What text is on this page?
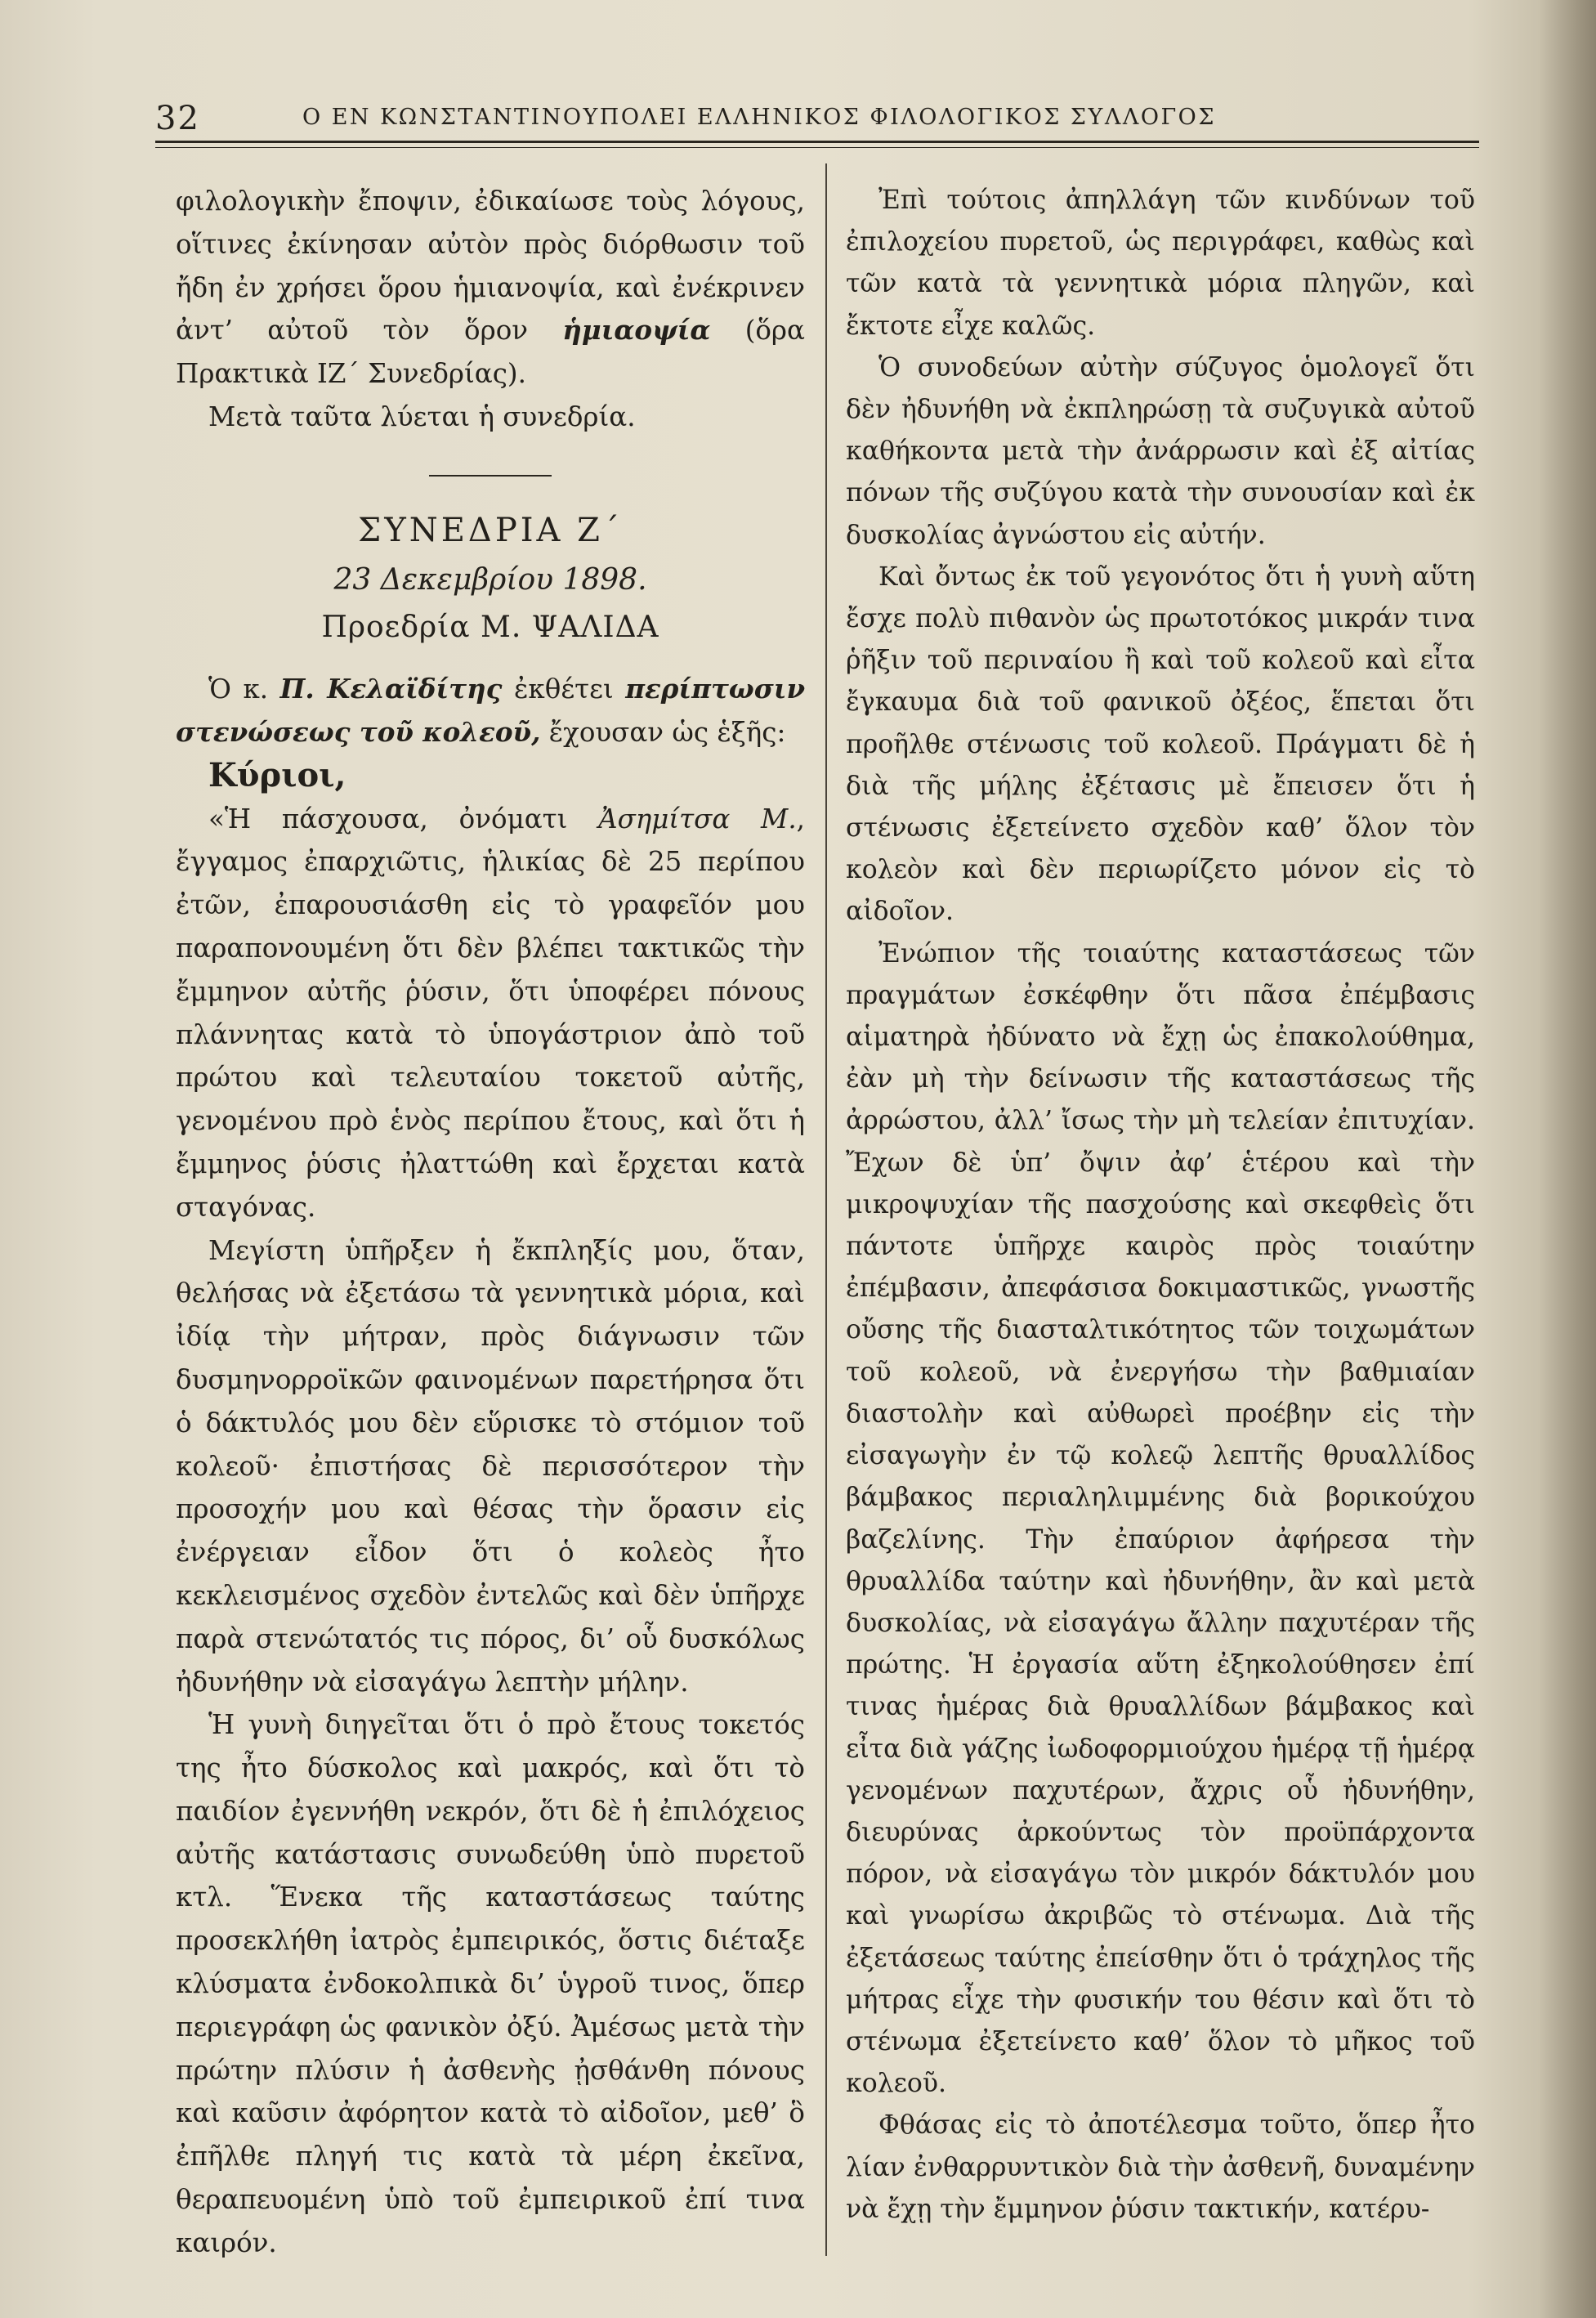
32	Ο ΕΝ ΚΩΝΣΤΑΝΤΙΝΟΥΠΟΛΕΙ ΕΛΛΗΝΙΚΟΣ ΦΙΛΟΛΟΓΙΚΟΣ ΣΥΛΛΟΓΟΣ

φιλολογικὴν ἔποψιν, ἐδικαίωσε τοὺς λόγους, οἵτινες ἐκίνησαν αὐτὸν πρὸς διόρθωσιν τοῦ ἤδη ἐν χρήσει ὅρου ἡμιανοψία, καὶ ἐνέκρινεν ἀντ’ αὐτοῦ τὸν ὅρον ἡμιαοψία (ὅρα Πρακτικὰ ΙΖ΄ Συνεδρίας).

Μετὰ ταῦτα λύεται ἡ συνεδρία.

ΣΥΝΕΔΡΙΑ Ζ΄
23 Δεκεμβρίου 1898.
Προεδρία Μ. ΨΑΛΙΔΑ

Ὁ κ. Π. Κελαϊδίτης ἐκθέτει περίπτωσιν στενώσεως τοῦ κολεοῦ, ἔχουσαν ὡς ἑξῆς:

Κύριοι,

«Ἡ πάσχουσα, ὀνόματι Ἀσημίτσα Μ., ἔγγαμος ἐπαρχιῶτις, ἡλικίας δὲ 25 περίπου ἐτῶν, ἐπαρουσιάσθη εἰς τὸ γραφεῖόν μου παραπονουμένη ὅτι δὲν βλέπει τακτικῶς τὴν ἔμμηνον αὐτῆς ῥύσιν, ὅτι ὑποφέρει πόνους πλάννητας κατὰ τὸ ὑπογάστριον ἀπὸ τοῦ πρώτου καὶ τελευταίου τοκετοῦ αὐτῆς, γενομένου πρὸ ἑνὸς περίπου ἔτους, καὶ ὅτι ἡ ἔμμηνος ῥύσις ἠλαττώθη καὶ ἔρχεται κατὰ σταγόνας.

Μεγίστη ὑπῆρξεν ἡ ἔκπληξίς μου, ὅταν, θελήσας νὰ ἐξετάσω τὰ γεννητικὰ μόρια, καὶ ἰδίᾳ τὴν μήτραν, πρὸς διάγνωσιν τῶν δυσμηνορροϊκῶν φαινομένων παρετήρησα ὅτι ὁ δάκτυλός μου δὲν εὕρισκε τὸ στόμιον τοῦ κολεοῦ· ἐπιστήσας δὲ περισσότερον τὴν προσοχήν μου καὶ θέσας τὴν ὅρασιν εἰς ἐνέργειαν εἶδον ὅτι ὁ κολεὸς ἦτο κεκλεισμένος σχεδὸν ἐντελῶς καὶ δὲν ὑπῆρχε παρὰ στενώτατός τις πόρος, δι’ οὗ δυσκόλως ἠδυνήθην νὰ εἰσαγάγω λεπτὴν μήλην.

Ἡ γυνὴ διηγεῖται ὅτι ὁ πρὸ ἔτους τοκετός της ἦτο δύσκολος καὶ μακρός, καὶ ὅτι τὸ παιδίον ἐγεννήθη νεκρόν, ὅτι δὲ ἡ ἐπιλόχειος αὐτῆς κατάστασις συνωδεύθη ὑπὸ πυρετοῦ κτλ. Ἕνεκα τῆς καταστάσεως ταύτης προσεκλήθη ἰατρὸς ἐμπειρικός, ὅστις διέταξε κλύσματα ἐνδοκολπικὰ δι’ ὑγροῦ τινος, ὅπερ περιεγράφη ὡς φανικὸν ὀξύ. Ἀμέσως μετὰ τὴν πρώτην πλύσιν ἡ ἀσθενὴς ᾐσθάνθη πόνους καὶ καῦσιν ἀφόρητον κατὰ τὸ αἰδοῖον, μεθ’ ὃ ἐπῆλθε πληγή τις κατὰ τὰ μέρη ἐκεῖνα, θεραπευομένη ὑπὸ τοῦ ἐμπειρικοῦ ἐπί τινα καιρόν.

Ἐπὶ τούτοις ἀπηλλάγη τῶν κινδύνων τοῦ ἐπιλοχείου πυρετοῦ, ὡς περιγράφει, καθὼς καὶ τῶν κατὰ τὰ γεννητικὰ μόρια πληγῶν, καὶ ἔκτοτε εἶχε καλῶς.

Ὁ συνοδεύων αὐτὴν σύζυγος ὁμολογεῖ ὅτι δὲν ἠδυνήθη νὰ ἐκπληρώσῃ τὰ συζυγικὰ αὐτοῦ καθήκοντα μετὰ τὴν ἀνάρρωσιν καὶ ἐξ αἰτίας πόνων τῆς συζύγου κατὰ τὴν συνουσίαν καὶ ἐκ δυσκολίας ἀγνώστου εἰς αὐτήν.

Καὶ ὄντως ἐκ τοῦ γεγονότος ὅτι ἡ γυνὴ αὕτη ἔσχε πολὺ πιθανὸν ὡς πρωτοτόκος μικράν τινα ῥῆξιν τοῦ περιναίου ἢ καὶ τοῦ κολεοῦ καὶ εἶτα ἔγκαυμα διὰ τοῦ φανικοῦ ὀξέος, ἕπεται ὅτι προῆλθε στένωσις τοῦ κολεοῦ. Πράγματι δὲ ἡ διὰ τῆς μήλης ἐξέτασις μὲ ἔπεισεν ὅτι ἡ στένωσις ἐξετείνετο σχεδὸν καθ’ ὅλον τὸν κολεὸν καὶ δὲν περιωρίζετο μόνον εἰς τὸ αἰδοῖον.

Ἐνώπιον τῆς τοιαύτης καταστάσεως τῶν πραγμάτων ἐσκέφθην ὅτι πᾶσα ἐπέμβασις αἱματηρὰ ἠδύνατο νὰ ἔχῃ ὡς ἐπακολούθημα, ἐὰν μὴ τὴν δείνωσιν τῆς καταστάσεως τῆς ἀρρώστου, ἀλλ’ ἴσως τὴν μὴ τελείαν ἐπιτυχίαν. Ἔχων δὲ ὑπ’ ὄψιν ἀφ’ ἑτέρου καὶ τὴν μικροψυχίαν τῆς πασχούσης καὶ σκεφθεὶς ὅτι πάντοτε ὑπῆρχε καιρὸς πρὸς τοιαύτην ἐπέμβασιν, ἀπεφάσισα δοκιμαστικῶς, γνωστῆς οὔσης τῆς διασταλτικότητος τῶν τοιχωμάτων τοῦ κολεοῦ, νὰ ἐνεργήσω τὴν βαθμιαίαν διαστολὴν καὶ αὐθωρεὶ προέβην εἰς τὴν εἰσαγωγὴν ἐν τῷ κολεῷ λεπτῆς θρυαλλίδος βάμβακος περιαληλιμμένης διὰ βορικούχου βαζελίνης. Τὴν ἐπαύριον ἀφήρεσα τὴν θρυαλλίδα ταύτην καὶ ἠδυνήθην, ἂν καὶ μετὰ δυσκολίας, νὰ εἰσαγάγω ἄλλην παχυτέραν τῆς πρώτης. Ἡ ἐργασία αὕτη ἐξηκολούθησεν ἐπί τινας ἡμέρας διὰ θρυαλλίδων βάμβακος καὶ εἶτα διὰ γάζης ἰωδοφορμιούχου ἡμέρᾳ τῇ ἡμέρᾳ γενομένων παχυτέρων, ἄχρις οὗ ἠδυνήθην, διευρύνας ἀρκούντως τὸν προϋπάρχοντα πόρον, νὰ εἰσαγάγω τὸν μικρόν δάκτυλόν μου καὶ γνωρίσω ἀκριβῶς τὸ στένωμα. Διὰ τῆς ἐξετάσεως ταύτης ἐπείσθην ὅτι ὁ τράχηλος τῆς μήτρας εἶχε τὴν φυσικήν του θέσιν καὶ ὅτι τὸ στένωμα ἐξετείνετο καθ’ ὅλον τὸ μῆκος τοῦ κολεοῦ.

Φθάσας εἰς τὸ ἀποτέλεσμα τοῦτο, ὅπερ ἦτο λίαν ἐνθαρρυντικὸν διὰ τὴν ἀσθενῆ, δυναμένην νὰ ἔχῃ τὴν ἔμμηνον ῥύσιν τακτικήν, κατέρυ-
